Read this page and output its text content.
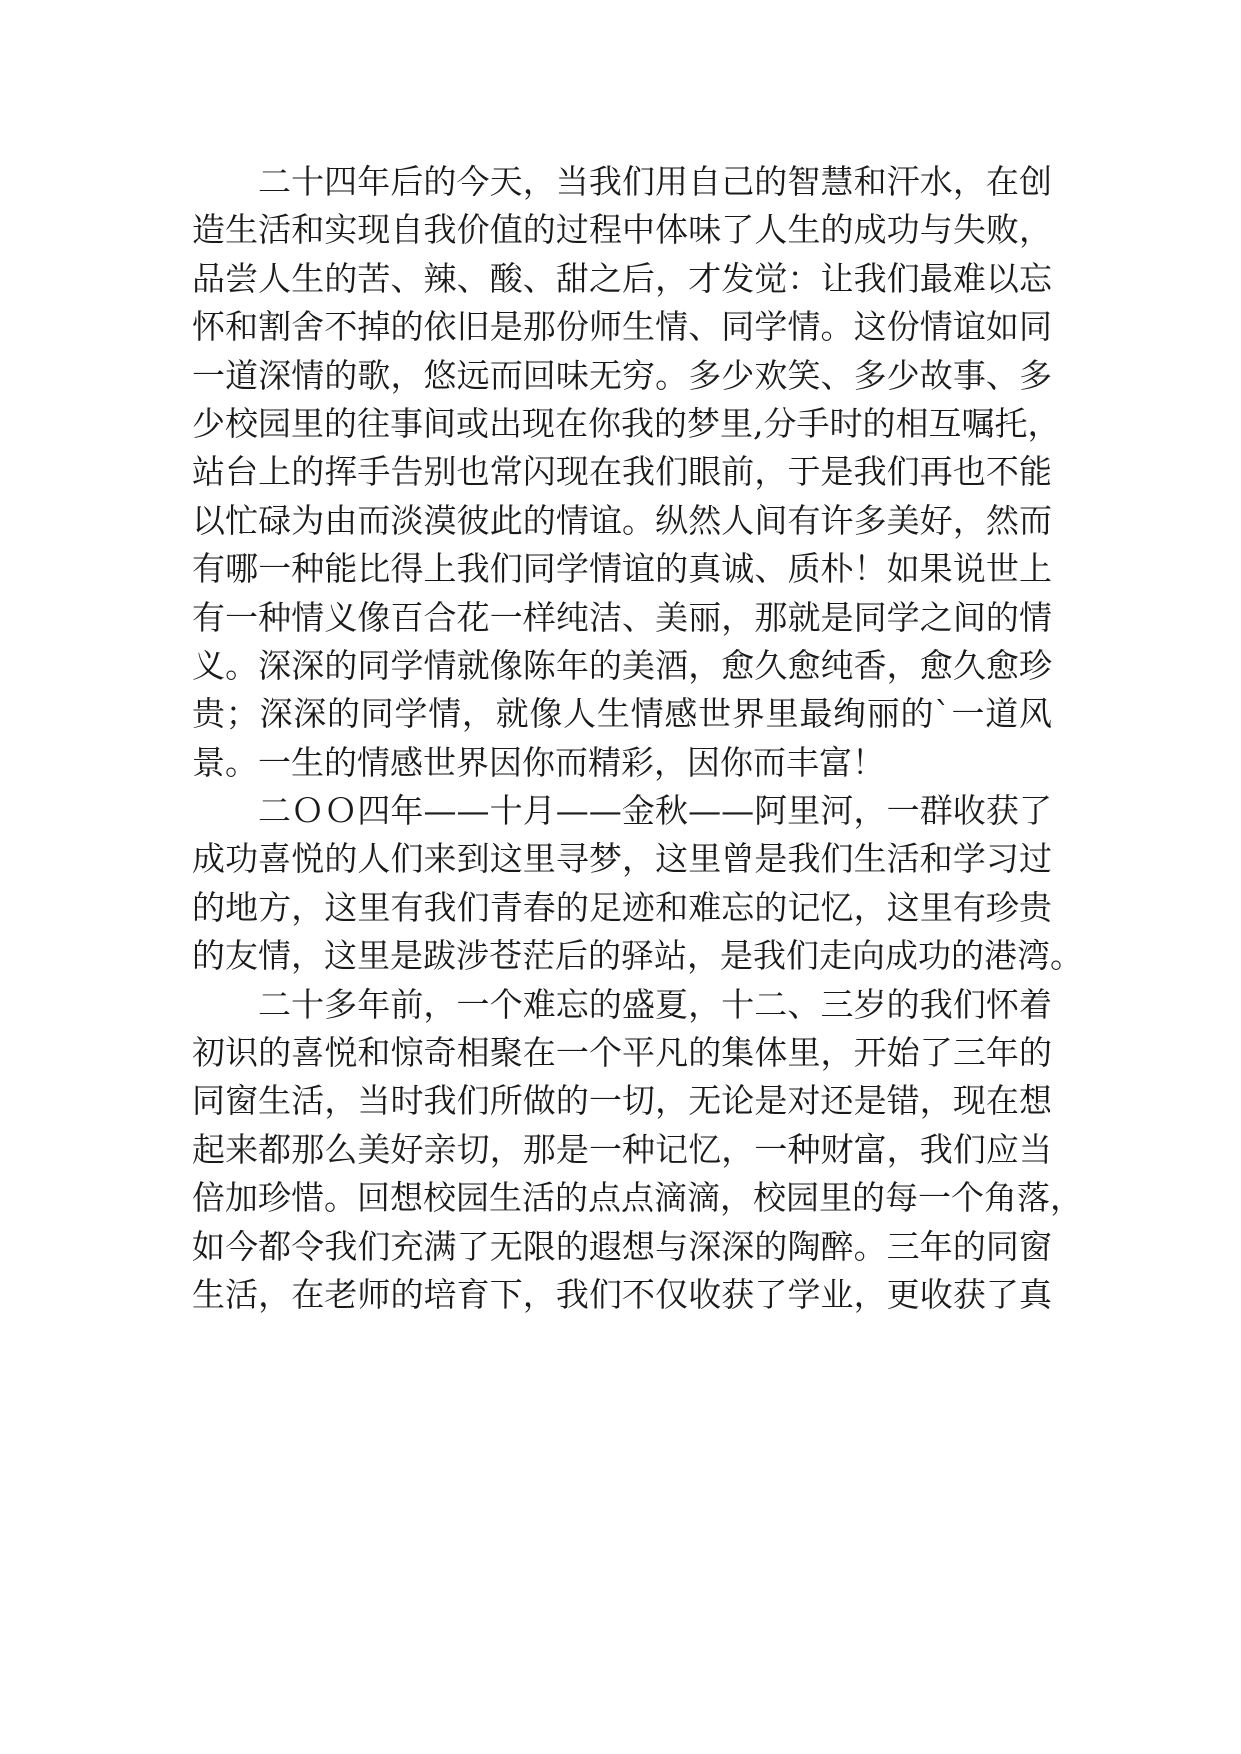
二十四年后的今天，当我们用自己的智慧和汗水，在创
造生活和实现自我价值的过程中体味了人生的成功与失败，
品尝人生的苦、辣、酸、甜之后，才发觉：让我们最难以忘
怀和割舍不掉的依旧是那份师生情、同学情。这份情谊如同
一道深情的歌，悠远而回味无穷。多少欢笑、多少故事、多
少校园里的往事间或出现在你我的梦里,分手时的相互嘱托，
站台上的挥手告别也常闪现在我们眼前，于是我们再也不能
以忙碌为由而淡漠彼此的情谊。纵然人间有许多美好，然而
有哪一种能比得上我们同学情谊的真诚、质朴！如果说世上
有一种情义像百合花一样纯洁、美丽，那就是同学之间的情
义。深深的同学情就像陈年的美酒，愈久愈纯香，愈久愈珍
贵；深深的同学情，就像人生情感世界里最绚丽的`一道风
景。一生的情感世界因你而精彩，因你而丰富！
二ＯＯ四年——十月——金秋——阿里河，一群收获了
成功喜悦的人们来到这里寻梦，这里曾是我们生活和学习过
的地方，这里有我们青春的足迹和难忘的记忆，这里有珍贵
的友情，这里是跋涉苍茫后的驿站，是我们走向成功的港湾。
二十多年前，一个难忘的盛夏，十二、三岁的我们怀着
初识的喜悦和惊奇相聚在一个平凡的集体里，开始了三年的
同窗生活，当时我们所做的一切，无论是对还是错，现在想
起来都那么美好亲切，那是一种记忆，一种财富，我们应当
倍加珍惜。回想校园生活的点点滴滴，校园里的每一个角落，
如今都令我们充满了无限的遐想与深深的陶醉。三年的同窗
生活，在老师的培育下，我们不仅收获了学业，更收获了真
